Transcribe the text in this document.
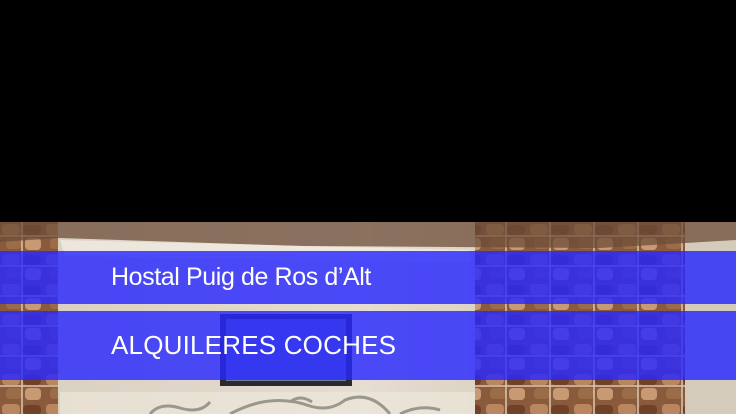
Hostal Puig de Ros d’Alt
ALQUILERES COCHES
